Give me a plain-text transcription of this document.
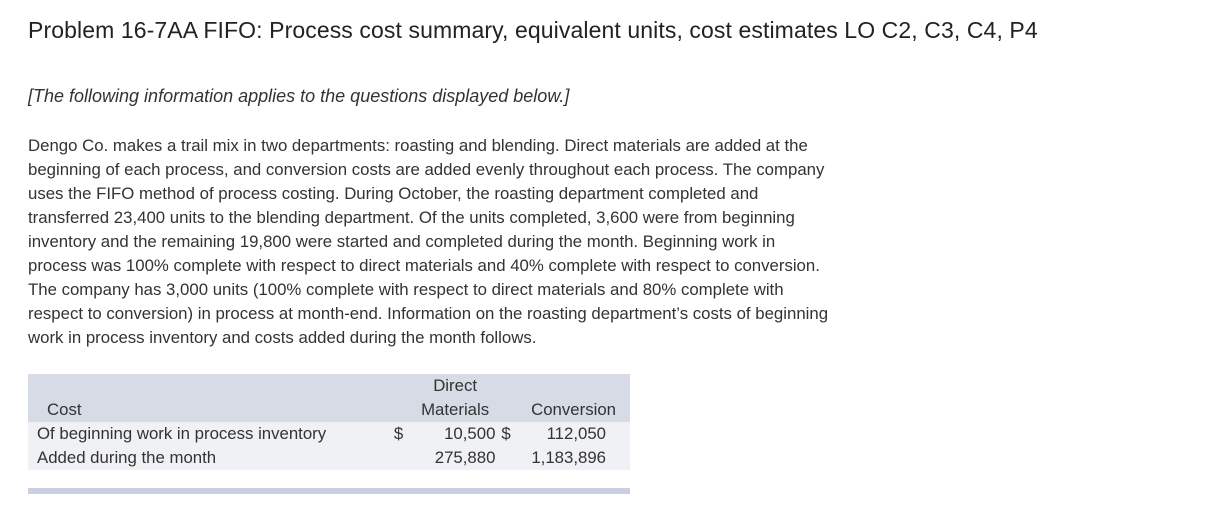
Problem 16-7AA FIFO: Process cost summary, equivalent units, cost estimates LO C2, C3, C4, P4
[The following information applies to the questions displayed below.]
Dengo Co. makes a trail mix in two departments: roasting and blending. Direct materials are added at the
beginning of each process, and conversion costs are added evenly throughout each process. The company
uses the FIFO method of process costing. During October, the roasting department completed and
transferred 23,400 units to the blending department. Of the units completed, 3,600 were from beginning
inventory and the remaining 19,800 were started and completed during the month. Beginning work in
process was 100% complete with respect to direct materials and 40% complete with respect to conversion.
The company has 3,000 units (100% complete with respect to direct materials and 80% complete with
respect to conversion) in process at month-end. Information on the roasting department’s costs of beginning
work in process inventory and costs added during the month follows.
		Direct		
Cost		Materials		Conversion
Of beginning work in process inventory	$	10,500	$	112,050
Added during the month		275,880		1,183,896
